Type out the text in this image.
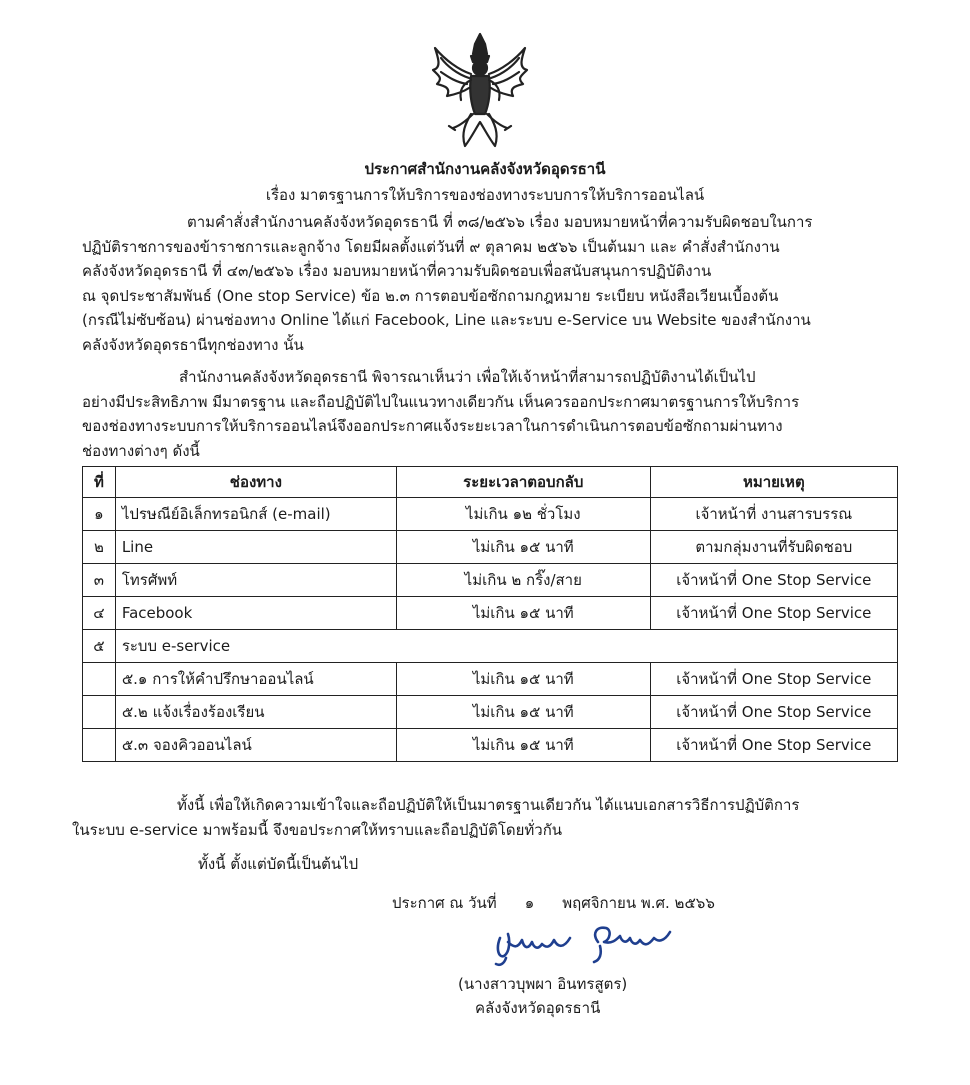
ประกาศสำนักงานคลังจังหวัดอุดรธานี
เรื่อง มาตรฐานการให้บริการของช่องทางระบบการให้บริการออนไลน์
ตามคำสั่งสำนักงานคลังจังหวัดอุดรธานี ที่ ๓๘/๒๕๖๖ เรื่อง มอบหมายหน้าที่ความรับผิดชอบในการ
ปฏิบัติราชการของข้าราชการและลูกจ้าง โดยมีผลตั้งแต่วันที่ ๙ ตุลาคม ๒๕๖๖ เป็นต้นมา และ คำสั่งสำนักงาน
คลังจังหวัดอุดรธานี ที่ ๔๓/๒๕๖๖ เรื่อง มอบหมายหน้าที่ความรับผิดชอบเพื่อสนับสนุนการปฏิบัติงาน
ณ จุดประชาสัมพันธ์ (One stop Service) ข้อ ๒.๓ การตอบข้อซักถามกฎหมาย ระเบียบ หนังสือเวียนเบื้องต้น
(กรณีไม่ซับซ้อน) ผ่านช่องทาง Online ได้แก่ Facebook, Line และระบบ e-Service บน Website ของสำนักงาน
คลังจังหวัดอุดรธานีทุกช่องทาง นั้น
สำนักงานคลังจังหวัดอุดรธานี พิจารณาเห็นว่า เพื่อให้เจ้าหน้าที่สามารถปฏิบัติงานได้เป็นไป
อย่างมีประสิทธิภาพ มีมาตรฐาน และถือปฏิบัติไปในแนวทางเดียวกัน เห็นควรออกประกาศมาตรฐานการให้บริการ
ของช่องทางระบบการให้บริการออนไลน์จึงออกประกาศแจ้งระยะเวลาในการดำเนินการตอบข้อซักถามผ่านทาง
ช่องทางต่างๆ ดังนี้
ที่	ช่องทาง	ระยะเวลาตอบกลับ	หมายเหตุ
๑	ไปรษณีย์อิเล็กทรอนิกส์ (e-mail)	ไม่เกิน ๑๒ ชั่วโมง	เจ้าหน้าที่ งานสารบรรณ
๒	Line	ไม่เกิน ๑๕ นาที	ตามกลุ่มงานที่รับผิดชอบ
๓	โทรศัพท์	ไม่เกิน ๒ กริ๊ง/สาย	เจ้าหน้าที่ One Stop Service
๔	Facebook	ไม่เกิน ๑๕ นาที	เจ้าหน้าที่ One Stop Service
๕	ระบบ e-service		
	๕.๑ การให้คำปรึกษาออนไลน์	ไม่เกิน ๑๕ นาที	เจ้าหน้าที่ One Stop Service
	๕.๒ แจ้งเรื่องร้องเรียน	ไม่เกิน ๑๕ นาที	เจ้าหน้าที่ One Stop Service
	๕.๓ จองคิวออนไลน์	ไม่เกิน ๑๕ นาที	เจ้าหน้าที่ One Stop Service
ทั้งนี้ เพื่อให้เกิดความเข้าใจและถือปฏิบัติให้เป็นมาตรฐานเดียวกัน ได้แนบเอกสารวิธีการปฏิบัติการ
ในระบบ e-service มาพร้อมนี้ จึงขอประกาศให้ทราบและถือปฏิบัติโดยทั่วกัน
ทั้งนี้ ตั้งแต่บัดนี้เป็นต้นไป
ประกาศ ณ วันที่ ๑ พฤศจิกายน พ.ศ. ๒๕๖๖
(นางสาวบุพผา อินทรสูตร)
คลังจังหวัดอุดรธานี
